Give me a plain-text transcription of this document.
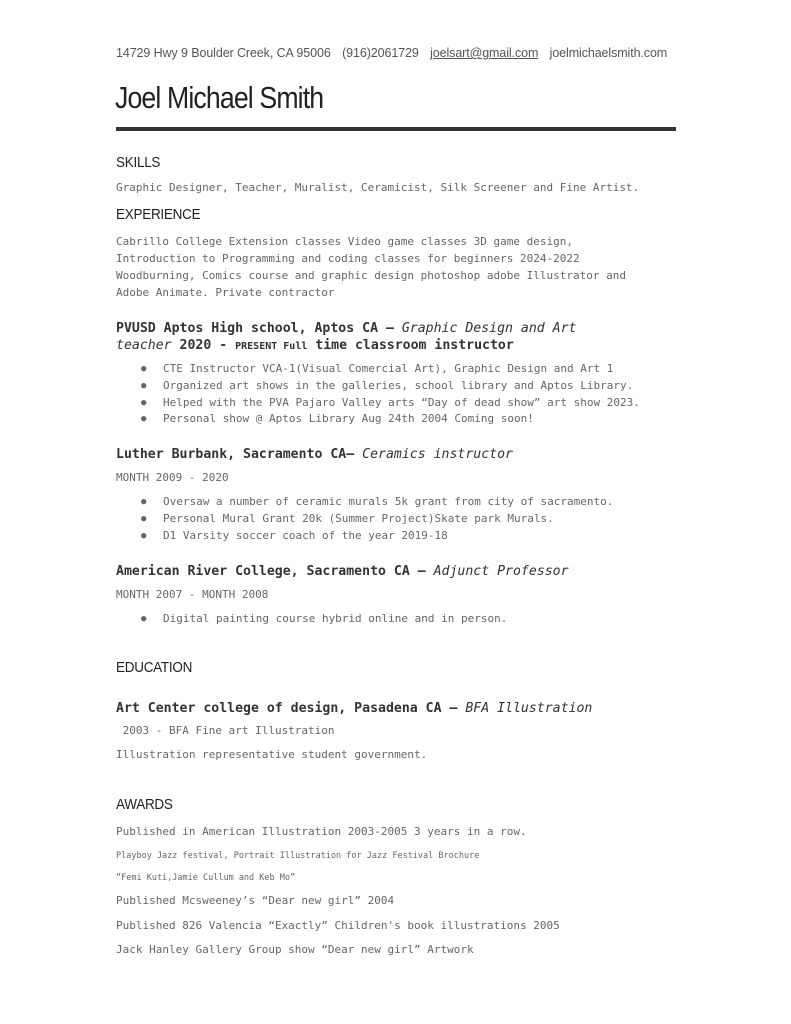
14729 Hwy 9 Boulder Creek, CA 95006 (916)2061729 joelsart@gmail.com joelmichaelsmith.com
Joel Michael Smith
SKILLS
Graphic Designer, Teacher, Muralist, Ceramicist, Silk Screener and Fine Artist.
EXPERIENCE
Cabrillo College Extension classes Video game classes 3D game design,
Introduction to Programming and coding classes for beginners 2024-2022
Woodburning, Comics course and graphic design photoshop adobe Illustrator and
Adobe Animate. Private contractor
PVUSD Aptos High school, Aptos CA — Graphic Design and Art
teacher 2020 - PRESENT Full time classroom instructor
● CTE Instructor VCA-1(Visual Comercial Art), Graphic Design and Art 1
● Organized art shows in the galleries, school library and Aptos Library.
● Helped with the PVA Pajaro Valley arts “Day of dead show” art show 2023.
● Personal show @ Aptos Library Aug 24th 2004 Coming soon!
Luther Burbank, Sacramento CA— Ceramics instructor
MONTH 2009 - 2020
● Oversaw a number of ceramic murals 5k grant from city of sacramento.
● Personal Mural Grant 20k (Summer Project)Skate park Murals.
● D1 Varsity soccer coach of the year 2019-18
American River College, Sacramento CA — Adjunct Professor
MONTH 2007 - MONTH 2008
● Digital painting course hybrid online and in person.
EDUCATION
Art Center college of design, Pasadena CA — BFA Illustration
2003 - BFA Fine art Illustration
Illustration representative student government.
AWARDS
Published in American Illustration 2003-2005 3 years in a row.
Playboy Jazz festival, Portrait Illustration for Jazz Festival Brochure
“Femi Kuti,Jamie Cullum and Keb Mo”
Published Mcsweeney’s “Dear new girl” 2004
Published 826 Valencia “Exactly” Children's book illustrations 2005
Jack Hanley Gallery Group show “Dear new girl” Artwork
